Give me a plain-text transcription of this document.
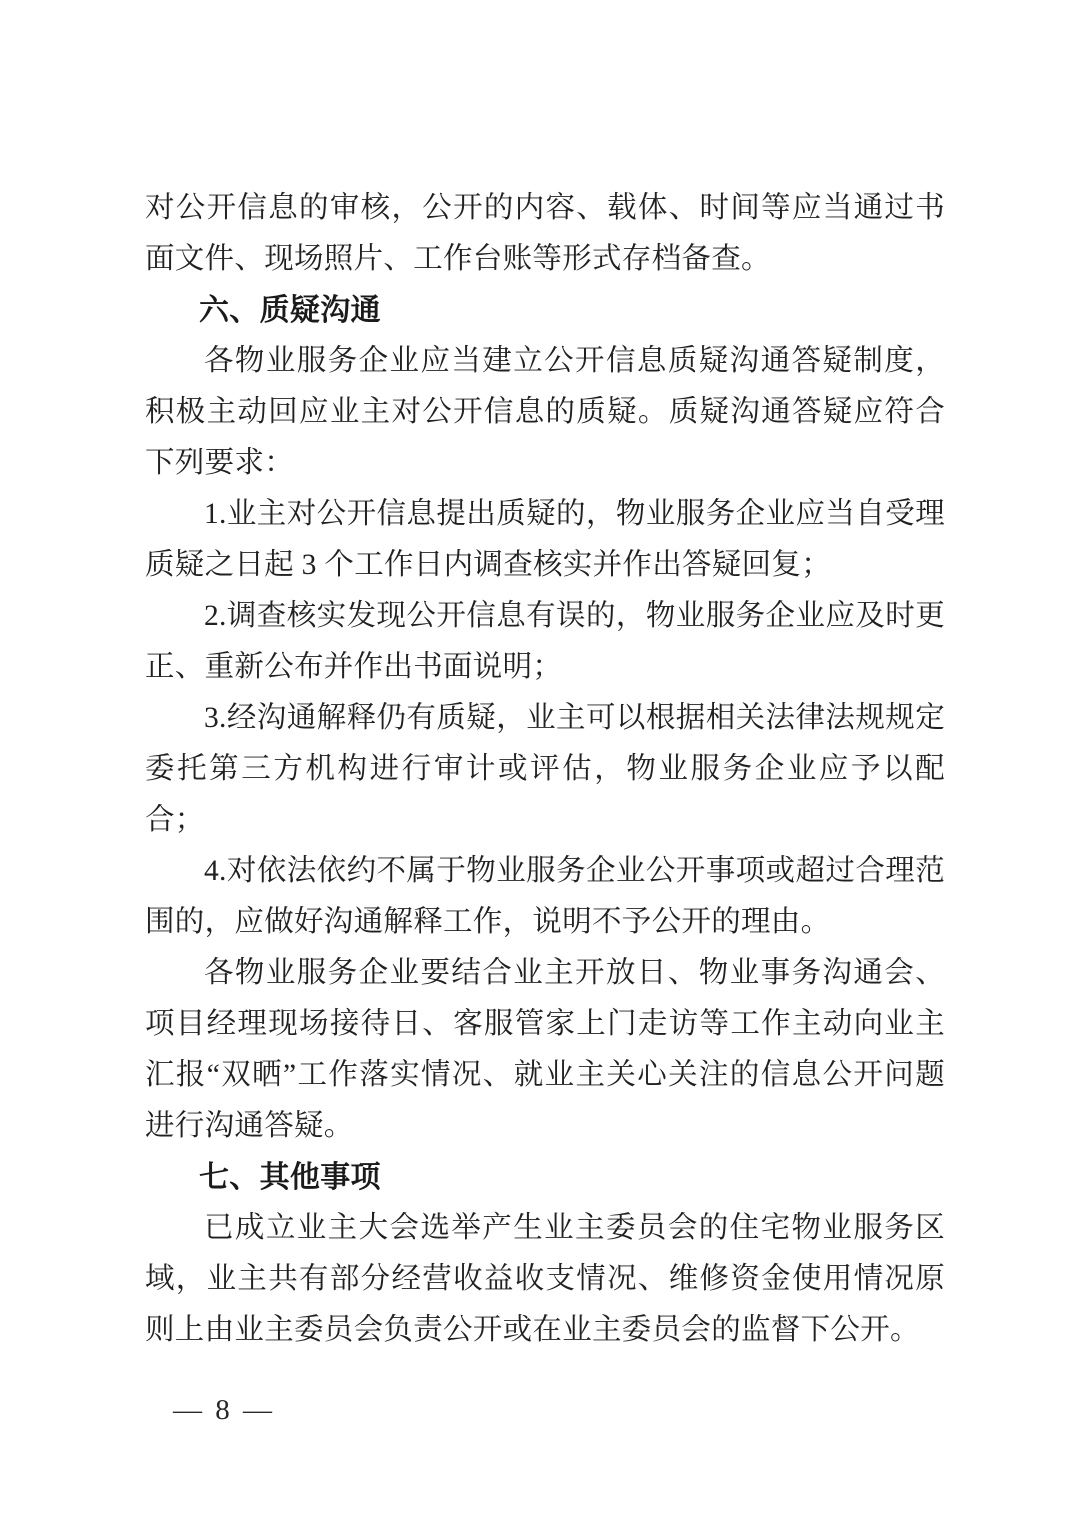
对公开信息的审核，公开的内容、载体、时间等应当通过书面文件、现场照片、工作台账等形式存档备查。

六、质疑沟通

各物业服务企业应当建立公开信息质疑沟通答疑制度，积极主动回应业主对公开信息的质疑。质疑沟通答疑应符合下列要求：

1.业主对公开信息提出质疑的，物业服务企业应当自受理质疑之日起 3 个工作日内调查核实并作出答疑回复；

2.调查核实发现公开信息有误的，物业服务企业应及时更正、重新公布并作出书面说明；

3.经沟通解释仍有质疑，业主可以根据相关法律法规规定委托第三方机构进行审计或评估，物业服务企业应予以配合；

4.对依法依约不属于物业服务企业公开事项或超过合理范围的，应做好沟通解释工作，说明不予公开的理由。

各物业服务企业要结合业主开放日、物业事务沟通会、项目经理现场接待日、客服管家上门走访等工作主动向业主汇报“双晒”工作落实情况、就业主关心关注的信息公开问题进行沟通答疑。

七、其他事项

已成立业主大会选举产生业主委员会的住宅物业服务区域，业主共有部分经营收益收支情况、维修资金使用情况原则上由业主委员会负责公开或在业主委员会的监督下公开。

— 8 —
